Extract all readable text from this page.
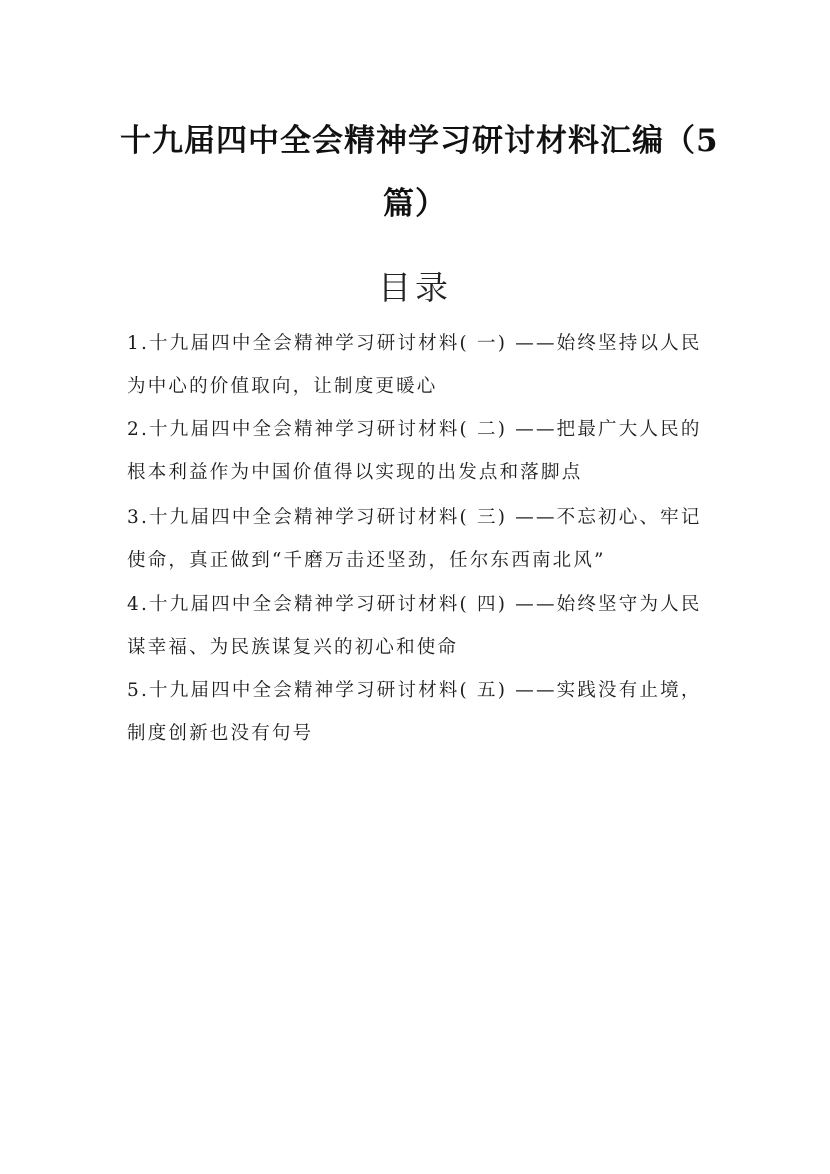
十九届四中全会精神学习研讨材料汇编（5
篇）
目录
1.十九届四中全会精神学习研讨材料( 一) ——始终坚持以人民
为中心的价值取向，让制度更暖心
2.十九届四中全会精神学习研讨材料( 二) ——把最广大人民的
根本利益作为中国价值得以实现的出发点和落脚点
3.十九届四中全会精神学习研讨材料( 三) ——不忘初心、牢记
使命，真正做到“千磨万击还坚劲，任尔东西南北风”
4.十九届四中全会精神学习研讨材料( 四) ——始终坚守为人民
谋幸福、为民族谋复兴的初心和使命
5.十九届四中全会精神学习研讨材料( 五) ——实践没有止境，
制度创新也没有句号
